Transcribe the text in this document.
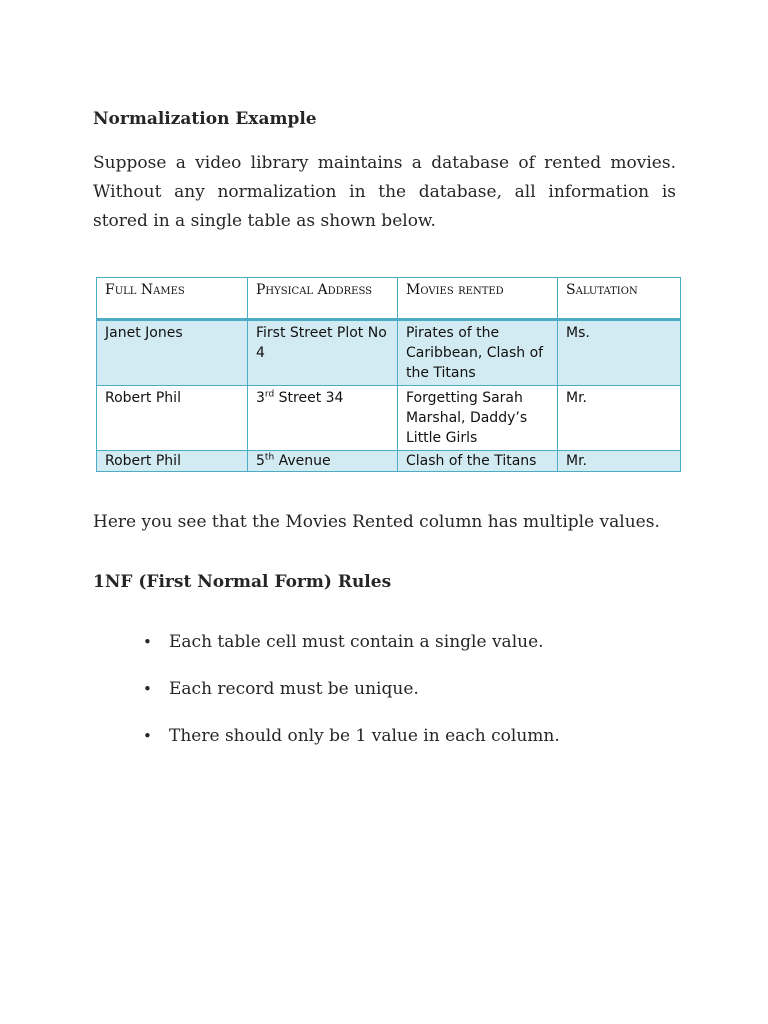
Normalization Example

Suppose a video library maintains a database of rented movies. Without any normalization in the database, all information is stored in a single table as shown below.

Full Names	Physical Address	Movies rented	Salutation
Janet Jones	First Street Plot No 4	Pirates of the Caribbean, Clash of the Titans	Ms.
Robert Phil	3rd Street 34	Forgetting Sarah Marshal, Daddy’s Little Girls	Mr.
Robert Phil	5th Avenue	Clash of the Titans	Mr.

Here you see that the Movies Rented column has multiple values.

1NF (First Normal Form) Rules
• Each table cell must contain a single value.
• Each record must be unique.
• There should only be 1 value in each column.
